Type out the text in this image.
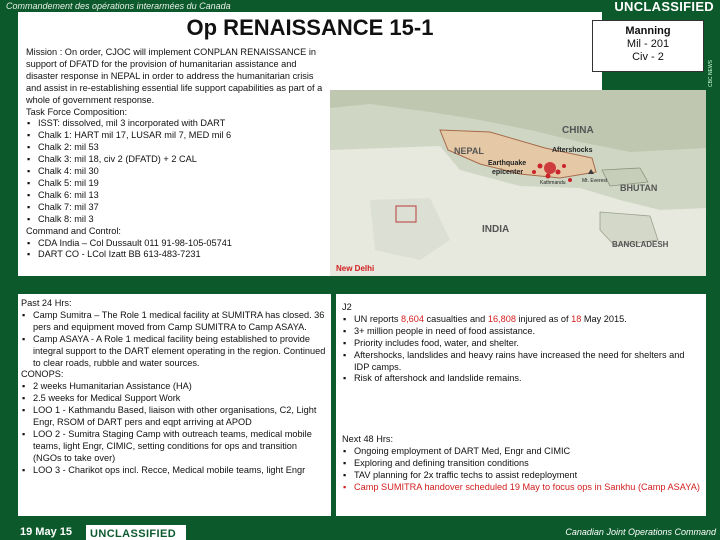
Commandement des opérations interarmées du Canada	UNCLASSIFIED
Op RENAISSANCE 15-1	Manning
Mil - 201
Civ - 2
Mission : On order, CJOC will implement CONPLAN RENAISSANCE in support of DFATD for the provision of humanitarian assistance and disaster response in NEPAL in order to address the humanitarian crisis and assist in re-establishing essential life support capabilities as part of a whole of government response.
Task Force Composition:
▪ ISST: dissolved, mil 3 incorporated with DART
▪ Chalk 1: HART mil 17, LUSAR mil 7, MED mil 6
▪ Chalk 2: mil 53
▪ Chalk 3: mil 18, civ 2 (DFATD) + 2 CAL
▪ Chalk 4: mil 30
▪ Chalk 5: mil 19
▪ Chalk 6: mil 13
▪ Chalk 7: mil 37
▪ Chalk 8: mil 3
Command and Control:
▪ CDA India – Col Dussault 011 91-98-105-05741
▪ DART CO - LCol Izatt BB 613-483-7231
CHINA
NEPAL	Aftershocks
Earthquake
epicenter
Kathmandu	Mt. Everest
BHUTAN
INDIA
BANGLADESH
New Delhi
CBC NEWS
Past 24 Hrs:
▪ Camp Sumitra – The Role 1 medical facility at SUMITRA has closed. 36 pers and equipment moved from Camp SUMITRA to Camp ASAYA.
▪ Camp ASAYA - A Role 1 medical facility being established to provide integral support to the DART element operating in the region. Continued to clear roads, rubble and water sources.
CONOPS:
▪ 2 weeks Humanitarian Assistance (HA)
▪ 2.5 weeks for Medical Support Work
▪ LOO 1 - Kathmandu Based, liaison with other organisations, C2, Light Engr, RSOM of DART pers and eqpt arriving at APOD
▪ LOO 2 - Sumitra Staging Camp with outreach teams, medical mobile teams, light Engr, CIMIC, setting conditions for ops and transition (NGOs to take over)
▪ LOO 3 - Charikot ops incl. Recce, Medical mobile teams, light Engr
J2
▪ UN reports 8,604 casualties and 16,808 injured as of 18 May 2015.
▪ 3+ million people in need of food assistance.
▪ Priority includes food, water, and shelter.
▪ Aftershocks, landslides and heavy rains have increased the need for shelters and IDP camps.
▪ Risk of aftershock and landslide remains.
Next 48 Hrs:
▪ Ongoing employment of DART Med, Engr and CIMIC
▪ Exploring and defining transition conditions
▪ TAV planning for 2x traffic techs to assist redeployment
▪ Camp SUMITRA handover scheduled 19 May to focus ops in Sankhu (Camp ASAYA)
19 May 15	UNCLASSIFIED	Canadian Joint Operations Command
